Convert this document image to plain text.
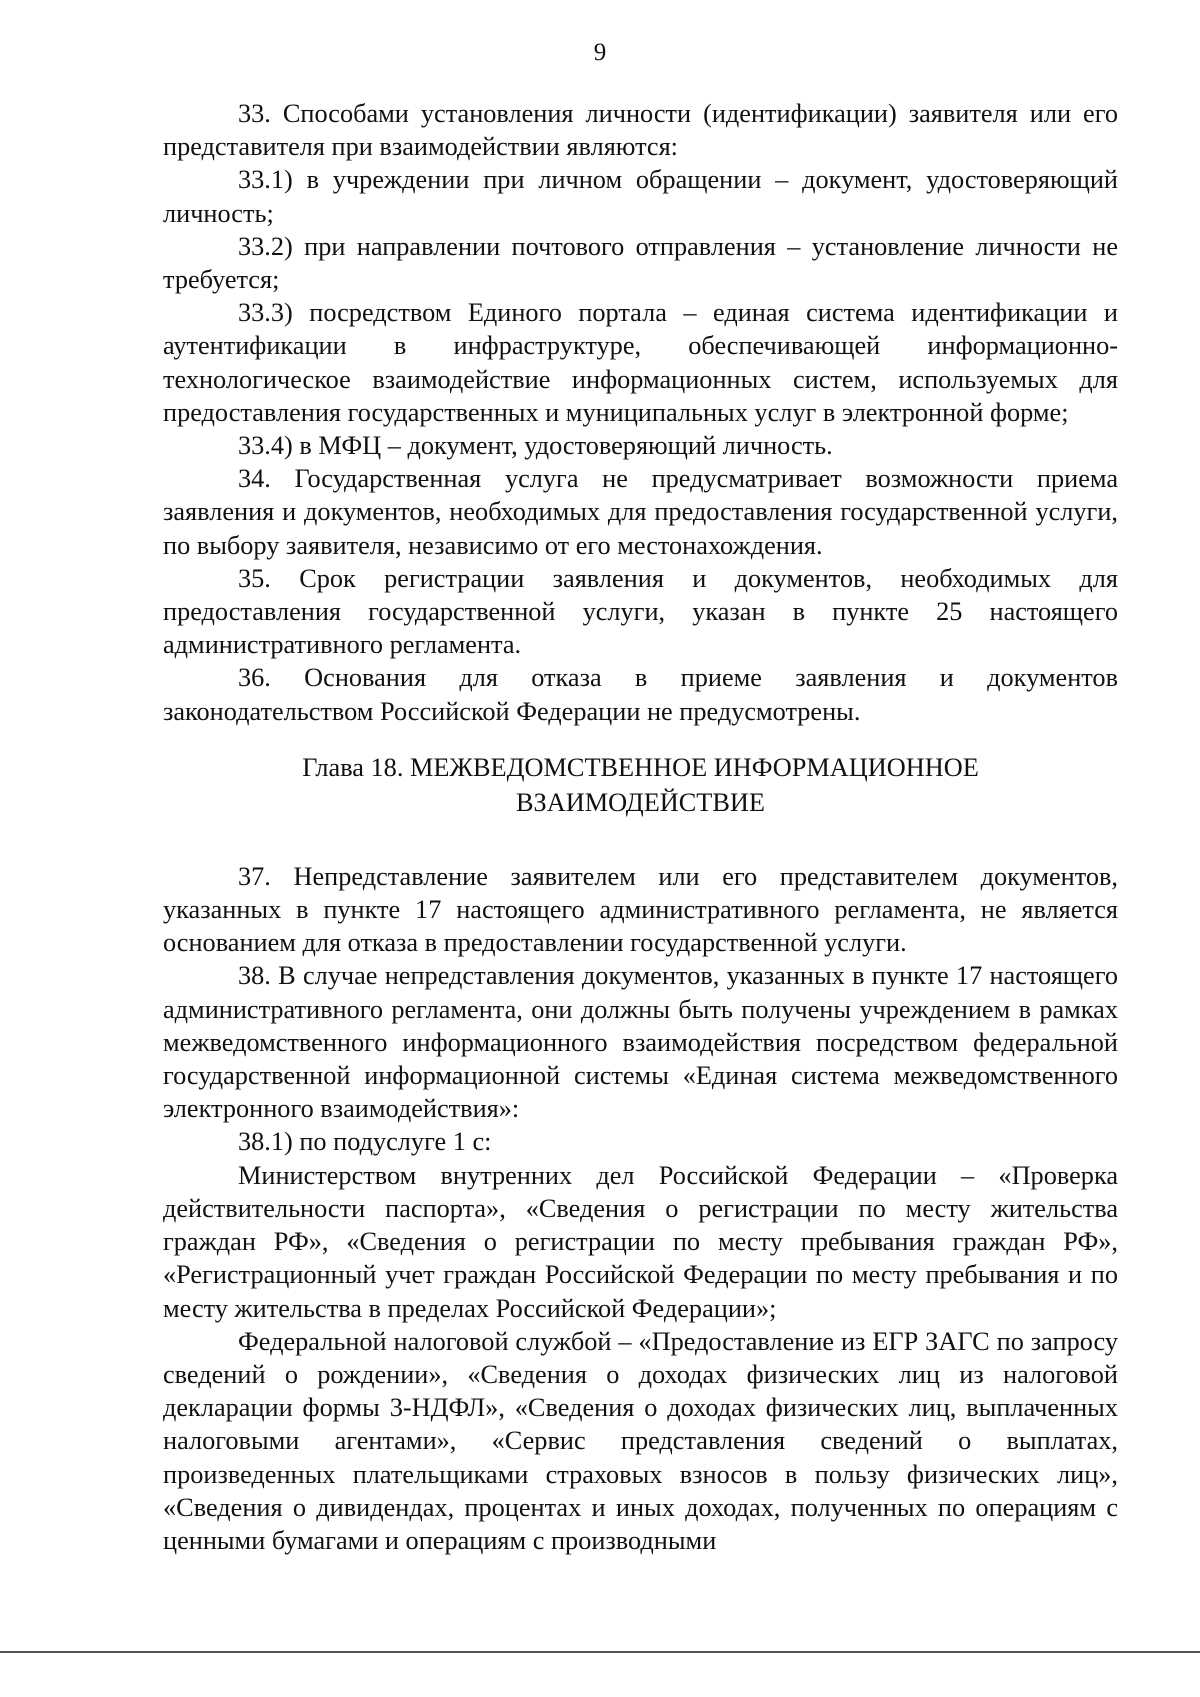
9

33. Способами установления личности (идентификации) заявителя или его представителя при взаимодействии являются:

33.1) в учреждении при личном обращении – документ, удостоверяющий личность;

33.2) при направлении почтового отправления – установление личности не требуется;

33.3) посредством Единого портала – единая система идентификации и аутентификации в инфраструктуре, обеспечивающей информационно-технологическое взаимодействие информационных систем, используемых для предоставления государственных и муниципальных услуг в электронной форме;

33.4) в МФЦ – документ, удостоверяющий личность.

34. Государственная услуга не предусматривает возможности приема заявления и документов, необходимых для предоставления государственной услуги, по выбору заявителя, независимо от его местонахождения.

35. Срок регистрации заявления и документов, необходимых для предоставления государственной услуги, указан в пункте 25 настоящего административного регламента.

36. Основания для отказа в приеме заявления и документов законодательством Российской Федерации не предусмотрены.

Глава 18. МЕЖВЕДОМСТВЕННОЕ ИНФОРМАЦИОННОЕ
ВЗАИМОДЕЙСТВИЕ

37. Непредставление заявителем или его представителем документов, указанных в пункте 17 настоящего административного регламента, не является основанием для отказа в предоставлении государственной услуги.

38. В случае непредставления документов, указанных в пункте 17 настоящего административного регламента, они должны быть получены учреждением в рамках межведомственного информационного взаимодействия посредством федеральной государственной информационной системы «Единая система межведомственного электронного взаимодействия»:

38.1) по подуслуге 1 с:

Министерством внутренних дел Российской Федерации – «Проверка действительности паспорта», «Сведения о регистрации по месту жительства граждан РФ», «Сведения о регистрации по месту пребывания граждан РФ», «Регистрационный учет граждан Российской Федерации по месту пребывания и по месту жительства в пределах Российской Федерации»;

Федеральной налоговой службой – «Предоставление из ЕГР ЗАГС по запросу сведений о рождении», «Сведения о доходах физических лиц из налоговой декларации формы 3-НДФЛ», «Сведения о доходах физических лиц, выплаченных налоговыми агентами», «Сервис представления сведений о выплатах, произведенных плательщиками страховых взносов в пользу физических лиц», «Сведения о дивидендах, процентах и иных доходах, полученных по операциям с ценными бумагами и операциям с производными
